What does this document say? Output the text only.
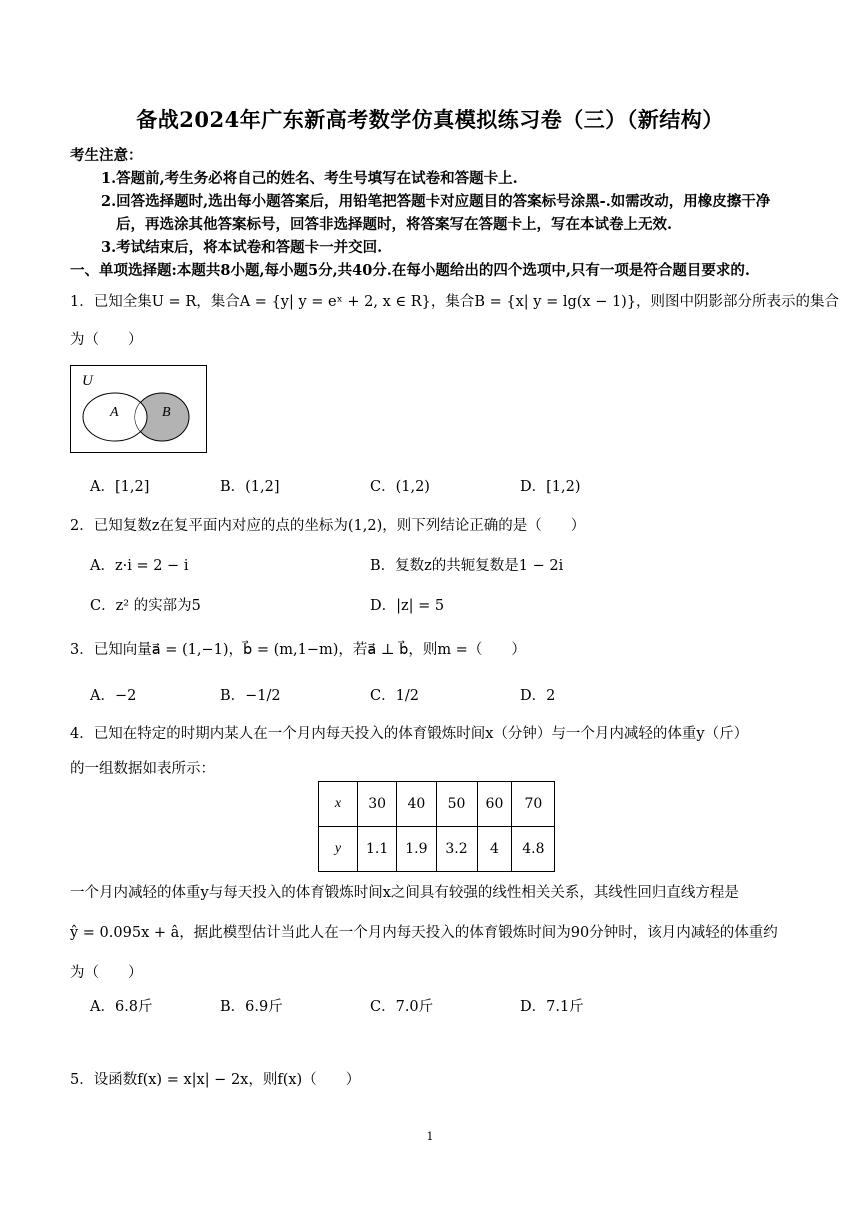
备战2024年广东新高考数学仿真模拟练习卷（三）（新结构）
考生注意：
1.答题前,考生务必将自己的姓名、考生号填写在试卷和答题卡上.
2.回答选择题时,选出每小题答案后，用铅笔把答题卡对应题目的答案标号涂黑-.如需改动，用橡皮擦干净
后，再选涂其他答案标号，回答非选择题时，将答案写在答题卡上，写在本试卷上无效.
3.考试结束后，将本试卷和答题卡一并交回.
一、单项选择题:本题共8小题,每小题5分,共40分.在每小题给出的四个选项中,只有一项是符合题目要求的.
1．已知全集U = R，集合A = {y| y = eˣ + 2, x ∈ R}，集合B = {x| y = lg(x − 1)}，则图中阴影部分所表示的集合
为（　　）
U
A	B
A．[1,2]	B．(1,2]	C．(1,2)	D．[1,2)
2．已知复数z在复平面内对应的点的坐标为(1,2)，则下列结论正确的是（　　）
A．z·i = 2 − i	B．复数z的共轭复数是1 − 2i
C．z² 的实部为5	D．|z| = 5
3．已知向量a⃗ = (1,−1)，b⃗ = (m,1−m)，若a⃗ ⊥ b⃗，则m =（　　）
A．−2	B．−1/2	C．1/2	D．2
4．已知在特定的时期内某人在一个月内每天投入的体育锻炼时间x（分钟）与一个月内减轻的体重y（斤）
的一组数据如表所示：
x	30	40	50	60	70
y	1.1	1.9	3.2	4	4.8
一个月内减轻的体重y与每天投入的体育锻炼时间x之间具有较强的线性相关关系，其线性回归直线方程是
ŷ = 0.095x + â，据此模型估计当此人在一个月内每天投入的体育锻炼时间为90分钟时，该月内减轻的体重约
为（　　）
A．6.8斤	B．6.9斤	C．7.0斤	D．7.1斤
5．设函数f(x) = x|x| − 2x，则f(x)（　　）
1
